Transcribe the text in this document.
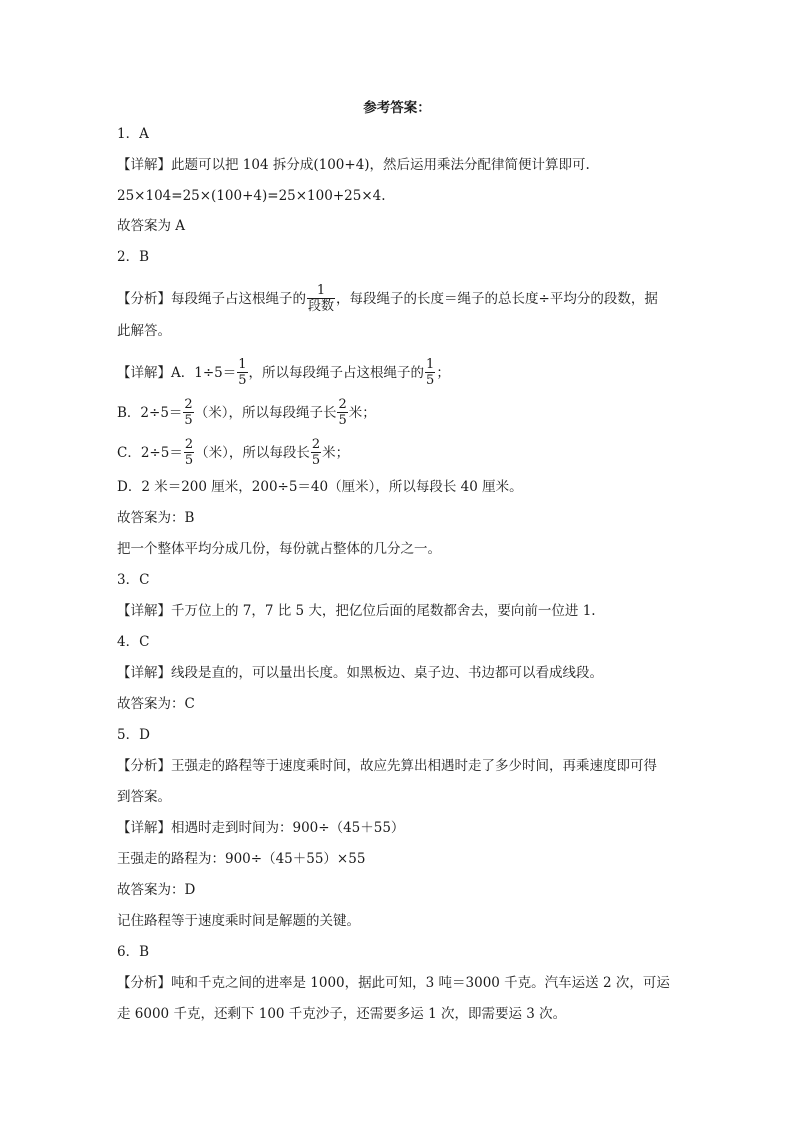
参考答案：
1．A
【详解】此题可以把 104 拆分成(100+4)，然后运用乘法分配律简便计算即可.
25×104=25×(100+4)=25×100+25×4.
故答案为 A
2．B
【分析】每段绳子占这根绳子的 $\frac{1}{\text{段数}}$ ，每段绳子的长度＝绳子的总长度÷平均分的段数，据
此解答。
【详解】A．$1\div 5= \frac{1}{5}$ ，所以每段绳子占这根绳子的 $\frac{1}{5}$ ；
B．$2\div 5= \frac{2}{5}$ （米），所以每段绳子长 $\frac{2}{5}$ 米；
C．$2\div 5= \frac{2}{5}$ （米），所以每段长 $\frac{2}{5}$ 米；
D．2 米＝200 厘米，200÷5＝40（厘米），所以每段长 40 厘米。
故答案为：B
把一个整体平均分成几份，每份就占整体的几分之一。
3．C
【详解】千万位上的 7，7 比 5 大，把亿位后面的尾数都舍去，要向前一位进 1.
4．C
【详解】线段是直的，可以量出长度。如黑板边、桌子边、书边都可以看成线段。
故答案为：C
5．D
【分析】王强走的路程等于速度乘时间，故应先算出相遇时走了多少时间，再乘速度即可得
到答案。
【详解】相遇时走到时间为：900÷（45＋55）
王强走的路程为：900÷（45＋55）×55
故答案为：D
记住路程等于速度乘时间是解题的关键。
6．B
【分析】吨和千克之间的进率是 1000，据此可知，3 吨＝3000 千克。汽车运送 2 次，可运
走 6000 千克，还剩下 100 千克沙子，还需要多运 1 次，即需要运 3 次。
